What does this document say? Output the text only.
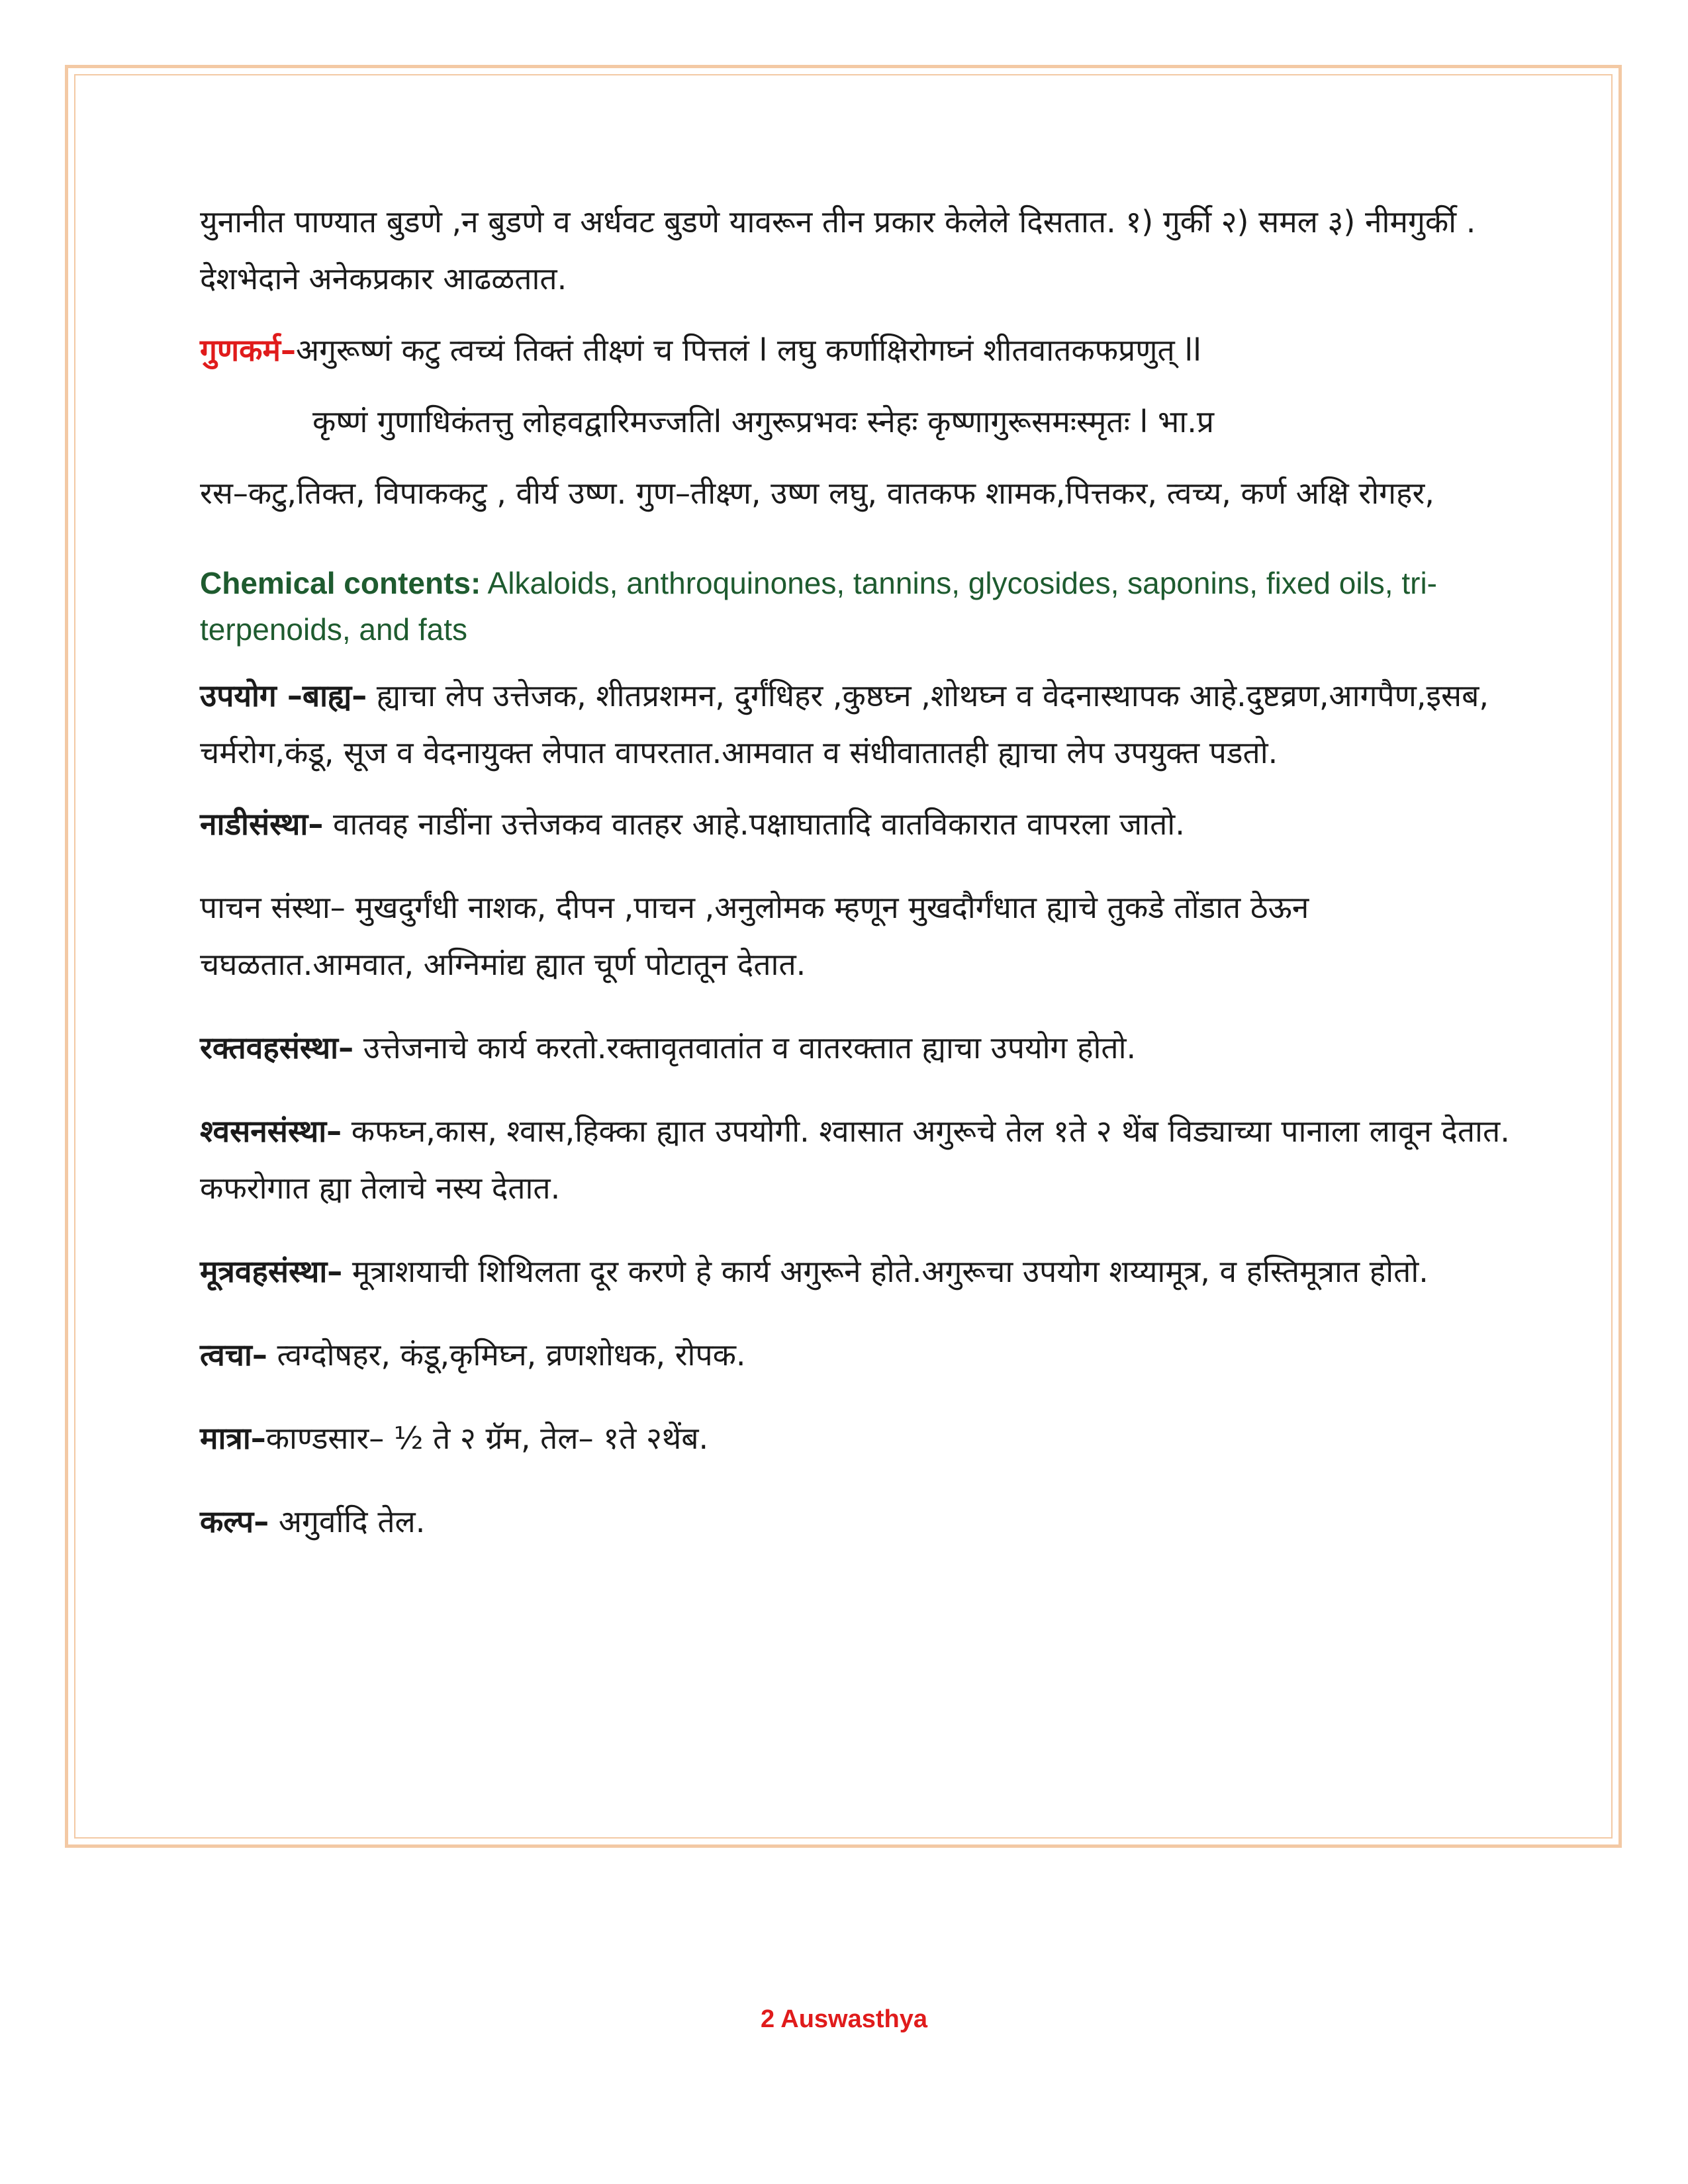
युनानीत पाण्यात बुडणे ,न बुडणे व अर्धवट बुडणे यावरून तीन प्रकार केलेले दिसतात. १) गुर्की २) समल ३) नीमगुर्की . देशभेदाने अनेकप्रकार आढळतात.

गुणकर्म–अगुरूष्णं कटु त्वच्यं तिक्तं तीक्ष्णं च पित्तलं l लघु कर्णाक्षिरोगघ्नं शीतवातकफप्रणुत् ll

कृष्णं गुणाधिकंतत्तु लोहवद्वारिमज्जतिl अगुरूप्रभवः स्नेहः कृष्णागुरूसमःस्मृतः l भा.प्र

रस–कटु,तिक्त, विपाककटु , वीर्य उष्ण. गुण–तीक्ष्ण, उष्ण लघु, वातकफ शामक,पित्तकर, त्वच्य, कर्ण अक्षि रोगहर,

Chemical contents: Alkaloids, anthroquinones, tannins, glycosides, saponins, fixed oils, tri-terpenoids, and fats

उपयोग –बाह्य– ह्याचा लेप उत्तेजक, शीतप्रशमन, दुर्गंधिहर ,कुष्ठघ्न ,शोथघ्न व वेदनास्थापक आहे.दुष्टव्रण,आगपैण,इसब, चर्मरोग,कंडू, सूज व वेदनायुक्त लेपात वापरतात.आमवात व संधीवातातही ह्याचा लेप उपयुक्त पडतो.

नाडीसंस्था– वातवह नाडींना उत्तेजकव वातहर आहे.पक्षाघातादि वातविकारात वापरला जातो.

पाचन संस्था– मुखदुर्गंधी नाशक, दीपन ,पाचन ,अनुलोमक म्हणून मुखदौर्गंधात ह्याचे तुकडे तोंडात ठेऊन चघळतात.आमवात, अग्निमांद्य ह्यात चूर्ण पोटातून देतात.

रक्तवहसंस्था– उत्तेजनाचे कार्य करतो.रक्तावृतवातांत व वातरक्तात ह्याचा उपयोग होतो.

श्वसनसंस्था– कफघ्न,कास, श्वास,हिक्का ह्यात उपयोगी. श्वासात अगुरूचे तेल १ते २ थेंब विड्याच्या पानाला लावून देतात. कफरोगात ह्या तेलाचे नस्य देतात.

मूत्रवहसंस्था– मूत्राशयाची शिथिलता दूर करणे हे कार्य अगुरूने होते.अगुरूचा उपयोग शय्यामूत्र, व हस्तिमूत्रात होतो.

त्वचा– त्वग्दोषहर, कंडू,कृमिघ्न, व्रणशोधक, रोपक.

मात्रा–काण्डसार– ½ ते २ ग्रॅम, तेल– १ते २थेंब.

कल्प– अगुर्वादि तेल.

2 Auswasthya
